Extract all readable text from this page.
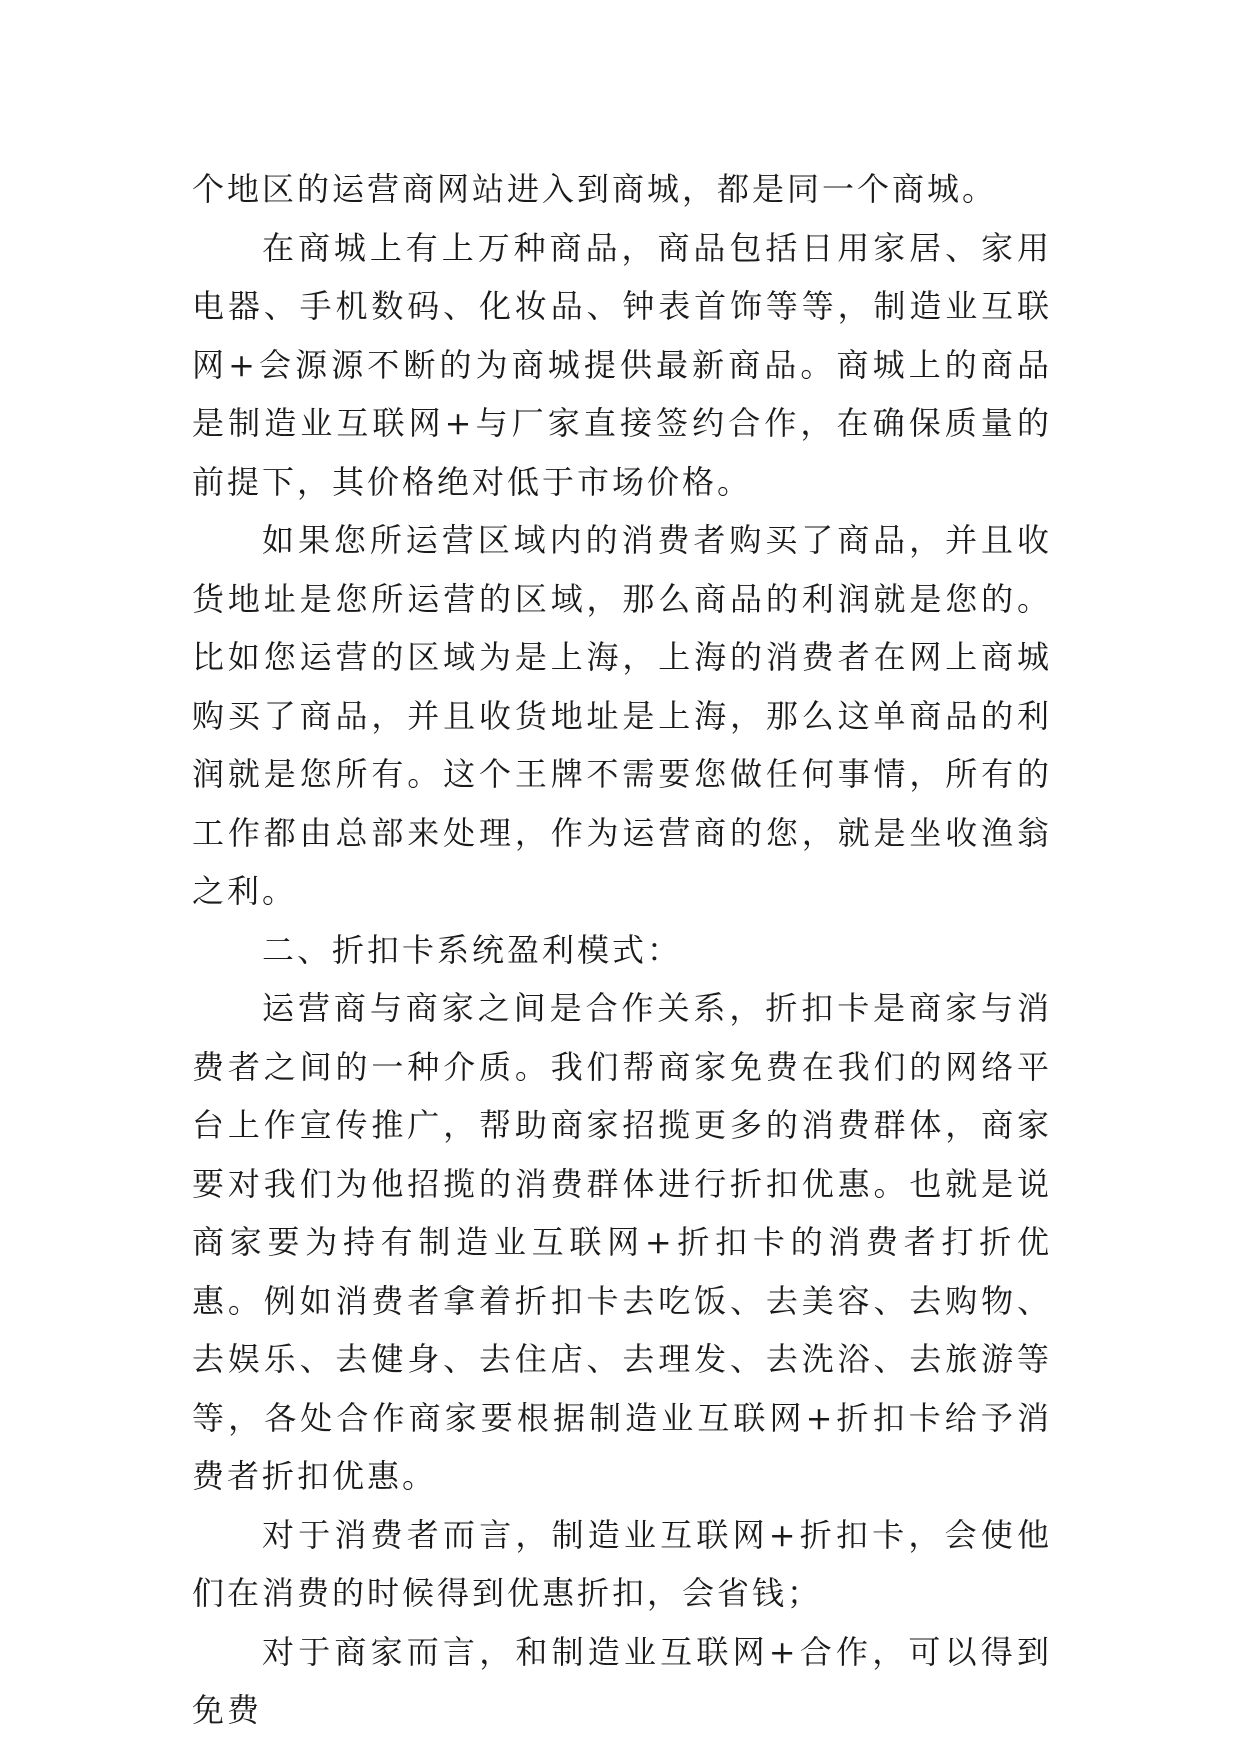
个地区的运营商网站进入到商城，都是同一个商城。

在商城上有上万种商品，商品包括日用家居、家用电器、手机数码、化妆品、钟表首饰等等，制造业互联网+会源源不断的为商城提供最新商品。商城上的商品是制造业互联网+与厂家直接签约合作，在确保质量的前提下，其价格绝对低于市场价格。

如果您所运营区域内的消费者购买了商品，并且收货地址是您所运营的区域，那么商品的利润就是您的。比如您运营的区域为是上海，上海的消费者在网上商城购买了商品，并且收货地址是上海，那么这单商品的利润就是您所有。这个王牌不需要您做任何事情，所有的工作都由总部来处理，作为运营商的您，就是坐收渔翁之利。

二、折扣卡系统盈利模式：

运营商与商家之间是合作关系，折扣卡是商家与消费者之间的一种介质。我们帮商家免费在我们的网络平台上作宣传推广，帮助商家招揽更多的消费群体，商家要对我们为他招揽的消费群体进行折扣优惠。也就是说商家要为持有制造业互联网+折扣卡的消费者打折优惠。例如消费者拿着折扣卡去吃饭、去美容、去购物、去娱乐、去健身、去住店、去理发、去洗浴、去旅游等等，各处合作商家要根据制造业互联网+折扣卡给予消费者折扣优惠。

对于消费者而言，制造业互联网+折扣卡，会使他们在消费的时候得到优惠折扣，会省钱；

对于商家而言，和制造业互联网+合作，可以得到免费
